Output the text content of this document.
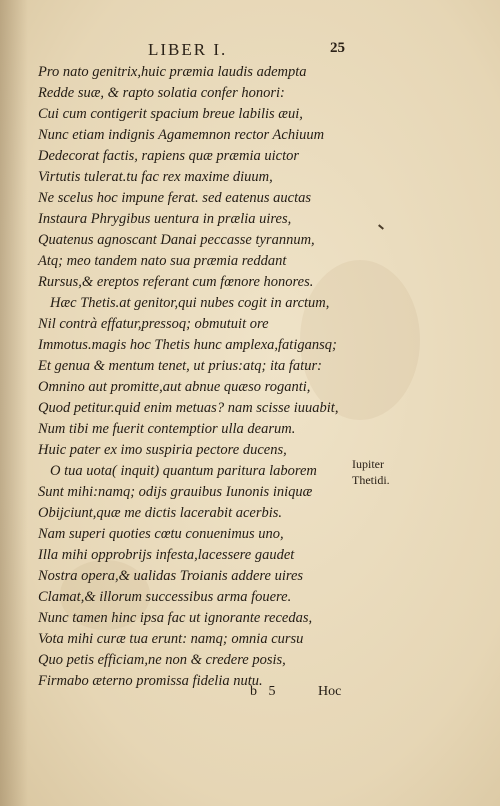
LIBER I.	25
Pro nato genitrix,huic præmia laudis adempta
Redde suæ, & rapto solatia confer honori:
Cui cum contigerit spacium breue labilis æui,
Nunc etiam indignis Agamemnon rector Achiuum
Dedecorat factis, rapiens quæ præmia uictor
Virtutis tulerat.tu fac rex maxime diuum,
Ne scelus hoc impune ferat. sed eatenus auctas
Instaura Phrygibus uentura in prælia uires,
Quatenus agnoscant Danai peccasse tyrannum,
Atq; meo tandem nato sua præmia reddant
Rursus,& ereptos referant cum fœnore honores.
Hæc Thetis.at genitor,qui nubes cogit in arctum,
Nil contrà effatur,pressoq; obmutuit ore
Immotus.magis hoc Thetis hunc amplexa,fatigansq;
Et genua & mentum tenet, ut prius:atq; ita fatur:
Omnino aut promitte,aut abnue quæso roganti,
Quod petitur.quid enim metuas? nam scisse iuuabit,
Num tibi me fuerit contemptior ulla dearum.
Huic pater ex imo suspiria pectore ducens,
O tua uota( inquit) quantum paritura laborem
Sunt mihi:namq; odijs grauibus Iunonis iniquæ
Obijciunt,quæ me dictis lacerabit acerbis.
Nam superi quoties cœtu conuenimus uno,
Illa mihi opprobrijs infesta,lacessere gaudet
Nostra opera,& ualidas Troianis addere uires
Clamat,& illorum successibus arma fouere.
Nunc tamen hinc ipsa fac ut ignorante recedas,
Vota mihi curæ tua erunt: namq; omnia cursu
Quo petis efficiam,ne non & credere posis,
Firmabo æterno promissa fidelia nutu.
Iupiter
Thetidi.
b 5	Hoc
